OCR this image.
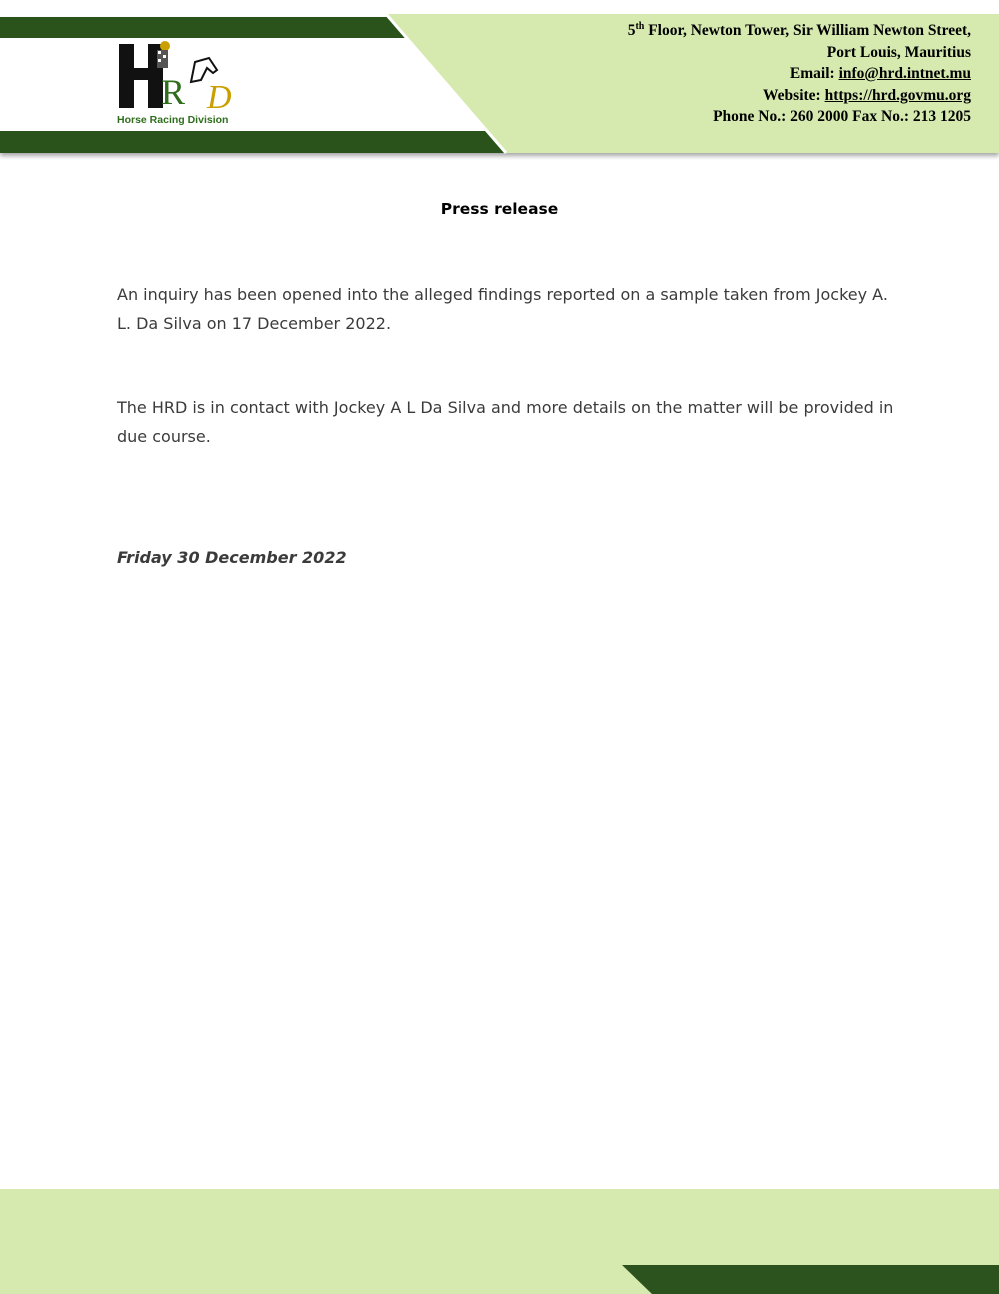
R D
Horse Racing Division
5th Floor, Newton Tower, Sir William Newton Street,
Port Louis, Mauritius
Email: info@hrd.intnet.mu
Website: https://hrd.govmu.org
Phone No.: 260 2000 Fax No.: 213 1205
Press release

An inquiry has been opened into the alleged findings reported on a sample taken from Jockey A. L. Da Silva on 17 December 2022.

The HRD is in contact with Jockey A L Da Silva and more details on the matter will be provided in due course.

Friday 30 December 2022
